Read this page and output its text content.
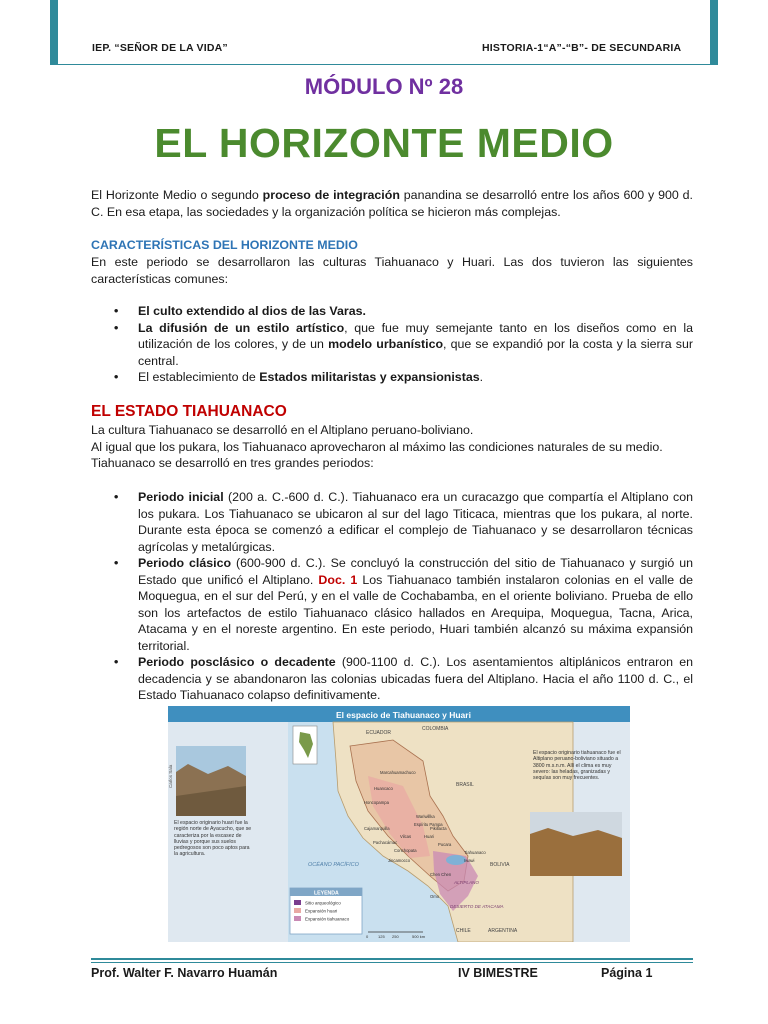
IEP. “SEÑOR DE LA VIDA”	HISTORIA-1“A”-“B”- DE SECUNDARIA
MÓDULO Nº 28
EL HORIZONTE MEDIO

El Horizonte Medio o segundo proceso de integración panandina se desarrolló entre los años 600 y 900 d. C. En esa etapa, las sociedades y la organización política se hicieron más complejas.

CARACTERÍSTICAS DEL HORIZONTE MEDIO

En este periodo se desarrollaron las culturas Tiahuanaco y Huari. Las dos tuvieron las siguientes características comunes:

• El culto extendido al dios de las Varas.
• La difusión de un estilo artístico, que fue muy semejante tanto en los diseños como en la utilización de los colores, y de un modelo urbanístico, que se expandió por la costa y la sierra sur central.
• El establecimiento de Estados militaristas y expansionistas.
EL ESTADO TIAHUANACO
La cultura Tiahuanaco se desarrolló en el Altiplano peruano-boliviano.
Al igual que los pukara, los Tiahuanaco aprovecharon al máximo las condiciones naturales de su medio.
Tiahuanaco se desarrolló en tres grandes periodos:
• Periodo inicial (200 a. C.-600 d. C.). Tiahuanaco era un curacazgo que compartía el Altiplano con los pukara. Los Tiahuanaco se ubicaron al sur del lago Titicaca, mientras que los pukara, al norte. Durante esta época se comenzó a edificar el complejo de Tiahuanaco y se desarrollaron técnicas agrícolas y metalúrgicas.
• Periodo clásico (600-900 d. C.). Se concluyó la construcción del sitio de Tiahuanaco y surgió un Estado que unificó el Altiplano. Doc. 1 Los Tiahuanaco también instalaron colonias en el valle de Moquegua, en el sur del Perú, y en el valle de Cochabamba, en el oriente boliviano. Prueba de ello son los artefactos de estilo Tiahuanaco clásico hallados en Arequipa, Moquegua, Tacna, Arica, Atacama y en el noreste argentino. En este periodo, Huari también alcanzó su máxima expansión territorial.
• Periodo posclásico o decadente (900-1100 d. C.). Los asentamientos altiplánicos entraron en decadencia y se abandonaron las colonias ubicadas fuera del Altiplano. Hacia el año 1100 d. C., el Estado Tiahuanaco colapso definitivamente.
El espacio de Tiahuanaco y Huari
Carlos Sala
El espacio originario huari fue la región norte de Ayacucho, que se caracteriza por la escasez de lluvias y porque sus suelos pedregosos son poco aptos para la agricultura.
El espacio originario tiahuanaco fue el Altiplano peruano-boliviano situado a 3800 m.s.n.m. Allí el clima es muy severo: las heladas, granizadas y sequías son muy frecuentes.
COLOMBIA
ECUADOR
BRASIL
BOLIVIA
CHILE	ARGENTINA
OCÉANO PACÍFICO
Marcahuamachuco
Huancaco
Honcopampa
Cajamarquilla
Pachacámac
Huari
Wariwillka
Conchopata
Pikillacta
Tiahuanaco
Omo
Chen Chen
Pucara
Iwawi
Vilcas
Espíritu Pampa
Jincamocco
ALTIPLANO
DESIERTO DE ATACAMA
LEYENDA
Sitio arqueológico
Expansión huari
Expansión tiahuanaco
0 125 250	500 km
Prof. Walter F. Navarro Huamán	IV BIMESTRE	Página 1
